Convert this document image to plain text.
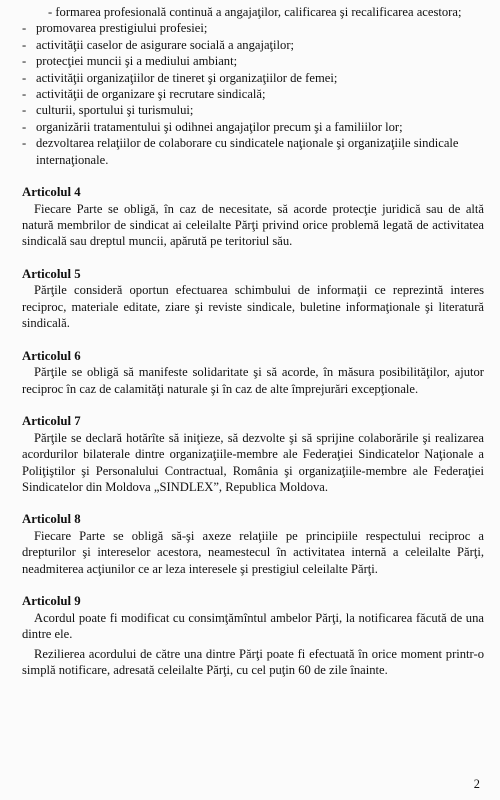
- formarea profesională continuă a angajaţilor, calificarea şi recalificarea acestora;

- promovarea prestigiului profesiei;

- activităţii caselor de asigurare socială a angajaţilor;

- protecţiei muncii şi a mediului ambiant;

- activităţii organizaţiilor de tineret şi organizaţiilor de femei;

- activităţii de organizare şi recrutare sindicală;

- culturii, sportului şi turismului;

- organizării tratamentului şi odihnei angajaţilor precum şi a familiilor lor;

- dezvoltarea relaţiilor de colaborare cu sindicatele naţionale şi organizaţiile sindicale internaţionale.

Articolul 4

Fiecare Parte se obligă, în caz de necesitate, să acorde protecţie juridică sau de altă natură membrilor de sindicat ai celeilalte Părţi privind orice problemă legată de activitatea sindicală sau dreptul muncii, apărută pe teritoriul său.

Articolul 5

Părţile consideră oportun efectuarea schimbului de informaţii ce reprezintă interes reciproc, materiale editate, ziare şi reviste sindicale, buletine informaţionale şi literatură sindicală.

Articolul 6

Părţile se obligă să manifeste solidaritate şi să acorde, în măsura posibilităţilor, ajutor reciproc în caz de calamităţi naturale şi în caz de alte împrejurări excepţionale.

Articolul 7

Părţile se declară hotărîte să iniţieze, să dezvolte şi să sprijine colaborările şi realizarea acordurilor bilaterale dintre organizaţiile-membre ale Federaţiei Sindicatelor Naţionale a Poliţiştilor şi Personalului Contractual, România şi organizaţiile-membre ale Federaţiei Sindicatelor din Moldova „SINDLEX”, Republica Moldova.

Articolul 8

Fiecare Parte se obligă să-şi axeze relaţiile pe principiile respectului reciproc a drepturilor şi intereselor acestora, neamestecul în activitatea internă a celeilalte Părţi, neadmiterea acţiunilor ce ar leza interesele şi prestigiul celeilalte Părţi.

Articolul 9

Acordul poate fi modificat cu consimţămîntul ambelor Părţi, la notificarea făcută de una dintre ele.

Rezilierea acordului de către una dintre Părţi poate fi efectuată în orice moment printr-o simplă notificare, adresată celeilalte Părţi, cu cel puţin 60 de zile înainte.

2
